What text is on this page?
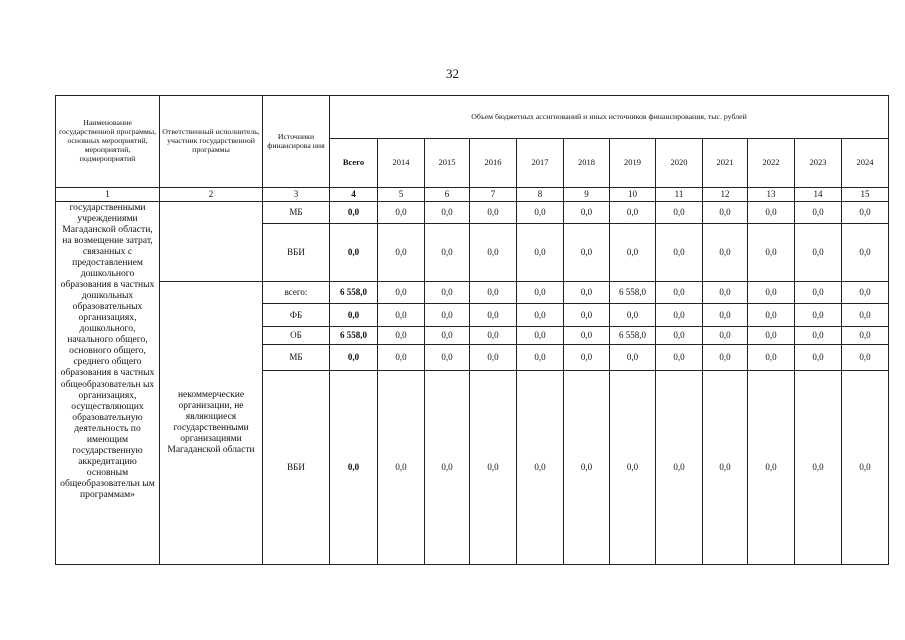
32
Наименование государственной программы, основных мероприятий, мероприятий, подмероприятий	Ответственный исполнитель, участник государственной программы	Источники финансирова ния	Объем бюджетных ассигнований и иных источников финансирования, тыс. рублей											
			Всего	2014	2015	2016	2017	2018	2019	2020	2021	2022	2023	2024
1	2	3	4	5	6	7	8	9	10	11	12	13	14	15
государственными учреждениями Магаданской области, на возмещение затрат, связанных с предоставлением дошкольного образования в частных дошкольных образовательных организациях, дошкольного, начального общего, основного общего, среднего общего образования в частных общеобразовательн ых организациях, осуществляющих образовательную деятельность по имеющим государственную аккредитацию основным общеобразовательн ым программам»		МБ	0,0	0,0	0,0	0,0	0,0	0,0	0,0	0,0	0,0	0,0	0,0	0,0
		ВБИ	0,0	0,0	0,0	0,0	0,0	0,0	0,0	0,0	0,0	0,0	0,0	0,0
	некоммерческие организации, не являющиеся государственными организациями Магаданской области	всего:	6 558,0	0,0	0,0	0,0	0,0	0,0	6 558,0	0,0	0,0	0,0	0,0	0,0
		ФБ	0,0	0,0	0,0	0,0	0,0	0,0	0,0	0,0	0,0	0,0	0,0	0,0
		ОБ	6 558,0	0,0	0,0	0,0	0,0	0,0	6 558,0	0,0	0,0	0,0	0,0	0,0
		МБ	0,0	0,0	0,0	0,0	0,0	0,0	0,0	0,0	0,0	0,0	0,0	0,0
		ВБИ	0,0	0,0	0,0	0,0	0,0	0,0	0,0	0,0	0,0	0,0	0,0	0,0
